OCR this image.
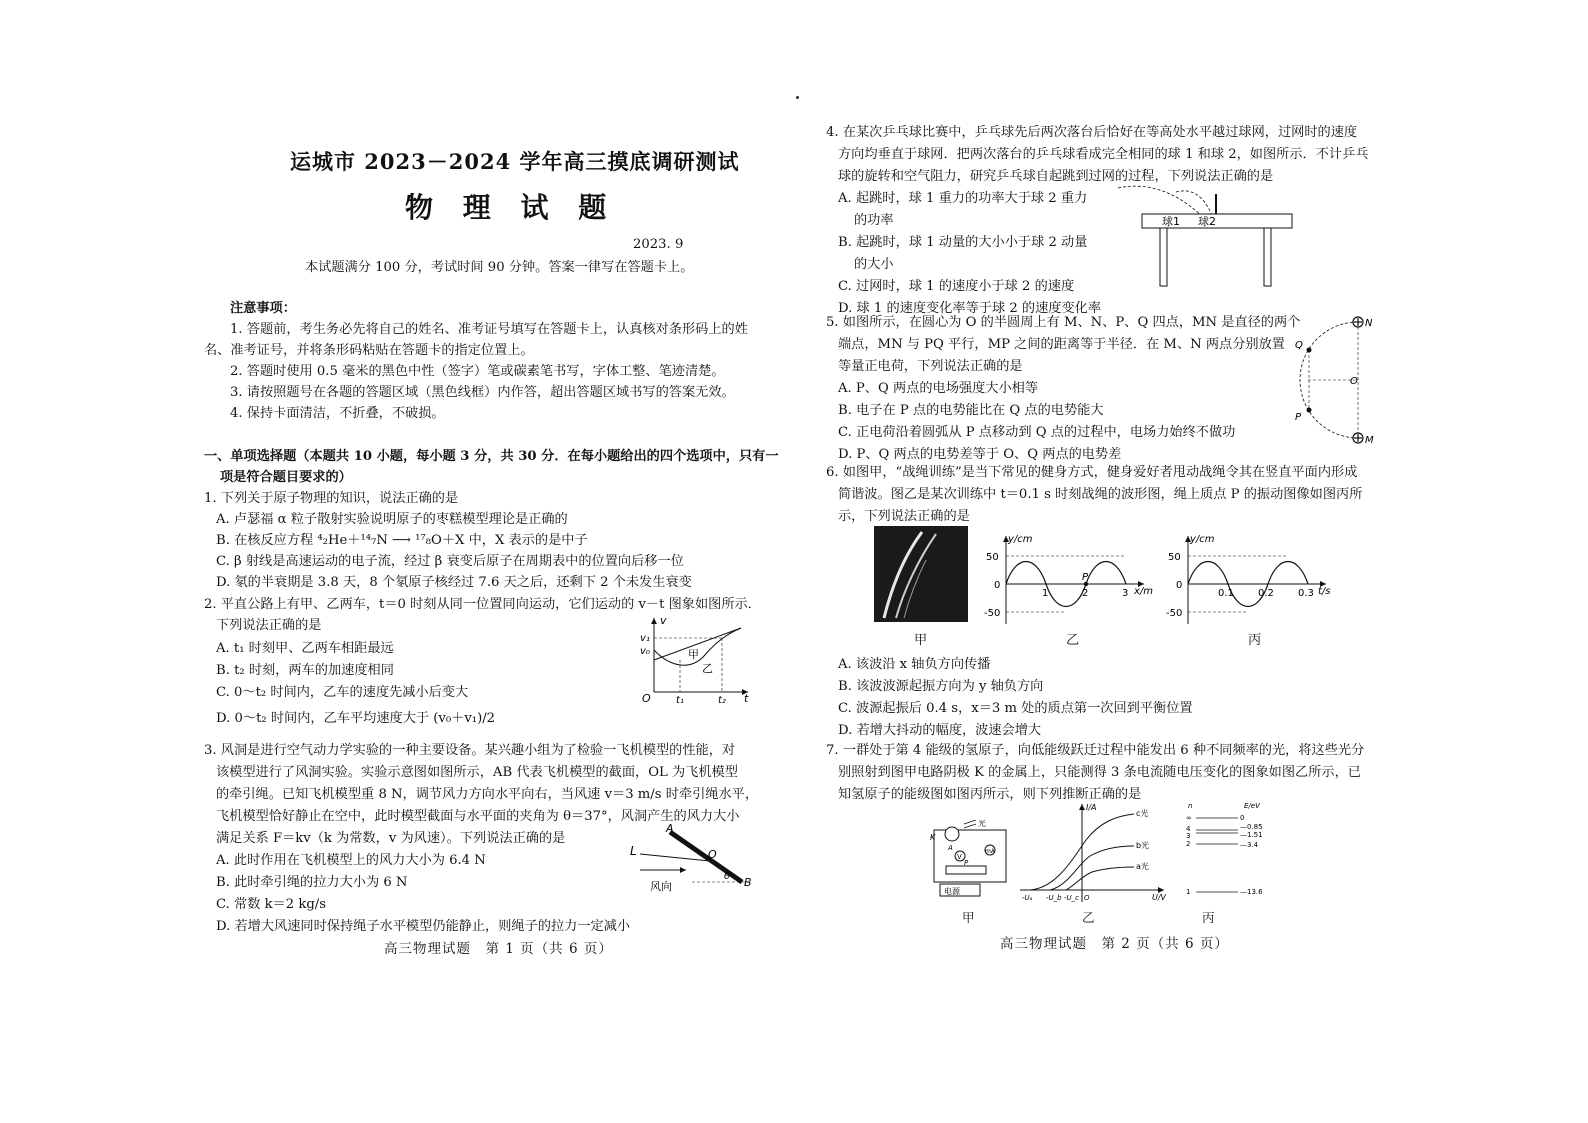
运城市 2023－2024 学年高三摸底调研测试
物 理 试 题
2023. 9
本试题满分 100 分，考试时间 90 分钟。答案一律写在答题卡上。
注意事项：
1. 答题前，考生务必先将自己的姓名、准考证号填写在答题卡上，认真核对条形码上的姓
名、准考证号，并将条形码粘贴在答题卡的指定位置上。
2. 答题时使用 0.5 毫米的黑色中性（签字）笔或碳素笔书写，字体工整、笔迹清楚。
3. 请按照题号在各题的答题区域（黑色线框）内作答，超出答题区域书写的答案无效。
4. 保持卡面清洁，不折叠，不破损。
一、单项选择题（本题共 10 小题，每小题 3 分，共 30 分．在每小题给出的四个选项中，只有一
项是符合题目要求的）
1. 下列关于原子物理的知识，说法正确的是
A. 卢瑟福 α 粒子散射实验说明原子的枣糕模型理论是正确的
B. 在核反应方程 ⁴₂He＋¹⁴₇N ⟶ ¹⁷₈O＋X 中，X 表示的是中子
C. β 射线是高速运动的电子流，经过 β 衰变后原子在周期表中的位置向后移一位
D. 氡的半衰期是 3.8 天，8 个氡原子核经过 7.6 天之后，还剩下 2 个未发生衰变
2. 平直公路上有甲、乙两车，t＝0 时刻从同一位置同向运动，它们运动的 v－t 图象如图所示．
下列说法正确的是
A. t₁ 时刻甲、乙两车相距最远
B. t₂ 时刻，两车的加速度相同
C. 0～t₂ 时间内，乙车的速度先减小后变大
D. 0～t₂ 时间内，乙车平均速度大于 (v₀＋v₁)/2
v
v₁
v₀
O	t₁	t₂ t
甲
乙
3. 风洞是进行空气动力学实验的一种主要设备。某兴趣小组为了检验一飞机模型的性能，对
该模型进行了风洞实验。实验示意图如图所示，AB 代表飞机模型的截面，OL 为飞机模型
的牵引绳。已知飞机模型重 8 N，调节风力方向水平向右，当风速 v＝3 m/s 时牵引绳水平，
飞机模型恰好静止在空中，此时模型截面与水平面的夹角为 θ＝37°，风洞产生的风力大小
满足关系 F＝kv（k 为常数，v 为风速）。下列说法正确的是
A. 此时作用在飞机模型上的风力大小为 6.4 N
B. 此时牵引绳的拉力大小为 6 N
C. 常数 k＝2 kg/s
D. 若增大风速同时保持绳子水平模型仍能静止，则绳子的拉力一定减小
A
B
O
L
θ
风向
高三物理试题　第 1 页（共 6 页）
4. 在某次乒乓球比赛中，乒乓球先后两次落台后恰好在等高处水平越过球网，过网时的速度
方向均垂直于球网．把两次落台的乒乓球看成完全相同的球 1 和球 2，如图所示．不计乒乓
球的旋转和空气阻力，研究乒乓球自起跳到过网的过程，下列说法正确的是
A. 起跳时，球 1 重力的功率大于球 2 重力
的功率
B. 起跳时，球 1 动量的大小小于球 2 动量
的大小
C. 过网时，球 1 的速度小于球 2 的速度
D. 球 1 的速度变化率等于球 2 的速度变化率
球1 球2
5. 如图所示，在圆心为 O 的半圆周上有 M、N、P、Q 四点，MN 是直径的两个
端点，MN 与 PQ 平行，MP 之间的距离等于半径．在 M、N 两点分别放置
等量正电荷，下列说法正确的是
A. P、Q 两点的电场强度大小相等
B. 电子在 P 点的电势能比在 Q 点的电势能大
C. 正电荷沿着圆弧从 P 点移动到 Q 点的过程中，电场力始终不做功
D. P、Q 两点的电势差等于 O、Q 两点的电势差
N
Q
O
P
M
6. 如图甲，“战绳训练”是当下常见的健身方式，健身爱好者甩动战绳令其在竖直平面内形成
简谐波。图乙是某次训练中 t＝0.1 s 时刻战绳的波形图，绳上质点 P 的振动图像如图丙所
示，下列说法正确的是
甲
y/cm
50
0
-50
1	2	3 x/m
P
乙
y/cm
50
0
-50
0.1 0.2 0.3 t/s
丙
A. 该波沿 x 轴负方向传播
B. 该波波源起振方向为 y 轴负方向
C. 波源起振后 0.4 s，x＝3 m 处的质点第一次回到平衡位置
D. 若增大抖动的幅度，波速会增大
7. 一群处于第 4 能级的氢原子，向低能级跃迁过程中能发出 6 种不同频率的光，将这些光分
别照射到图甲电路阴极 K 的金属上，只能测得 3 条电流随电压变化的图象如图乙所示，已
知氢原子的能级图如图丙所示，则下列推断正确的是
光
K
A
V
mA
P
电源
甲
I/A
c光
b光
a光
-Uₐ -U_b -U_c O	U/V
乙
n	E/eV
∞	0
4	—0.85
3	—1.51
2	—3.4
1	—13.6
丙
高三物理试题　第 2 页（共 6 页）
